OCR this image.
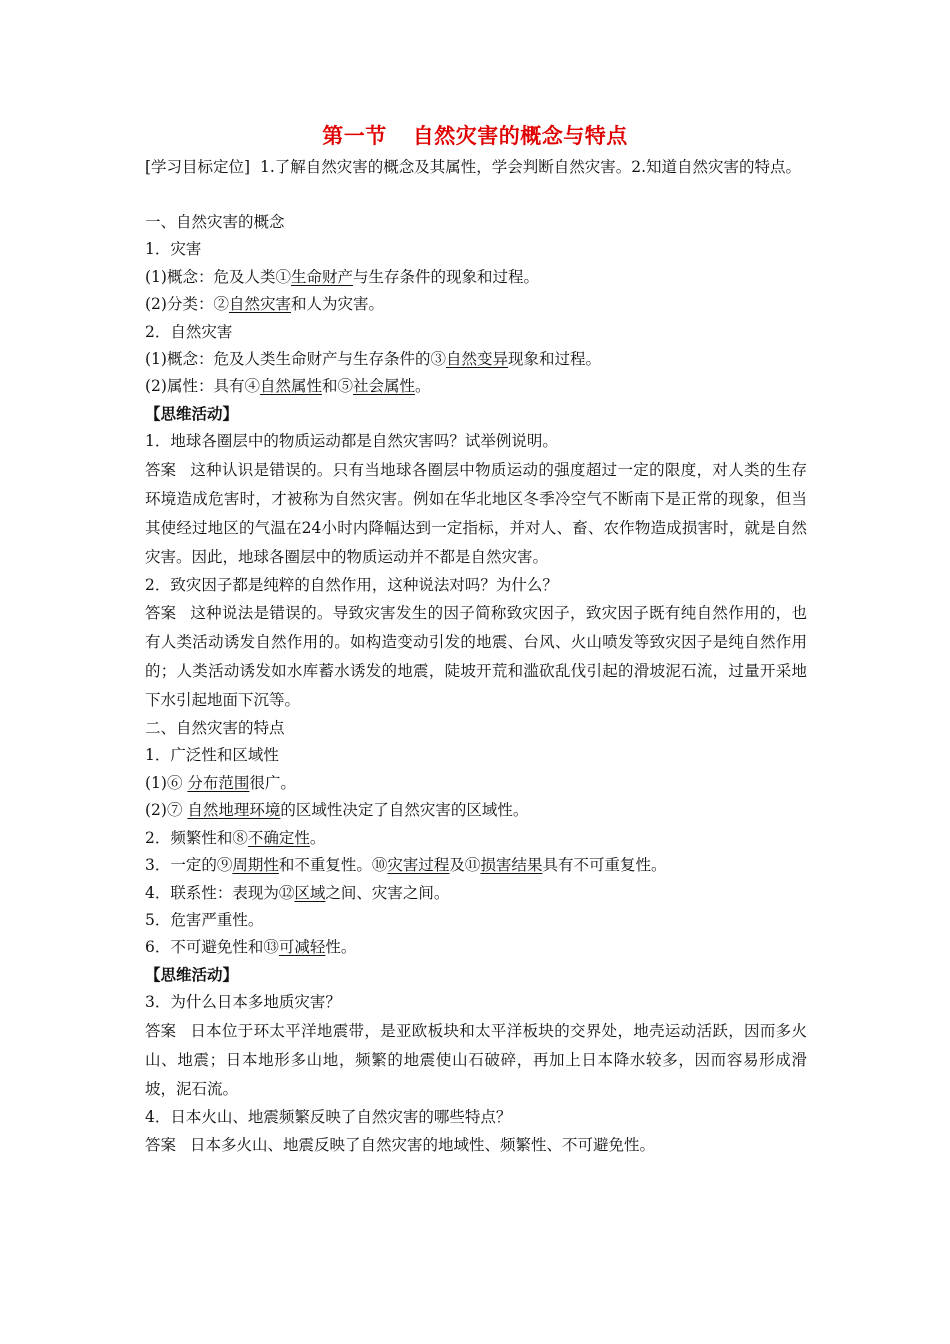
第一节 自然灾害的概念与特点
[学习目标定位] 1.了解自然灾害的概念及其属性，学会判断自然灾害。2.知道自然灾害的特点。
一、自然灾害的概念
1．灾害
(1)概念：危及人类①生命财产与生存条件的现象和过程。
(2)分类：②自然灾害和人为灾害。
2．自然灾害
(1)概念：危及人类生命财产与生存条件的③自然变异现象和过程。
(2)属性：具有④自然属性和⑤社会属性。
【思维活动】
1．地球各圈层中的物质运动都是自然灾害吗？试举例说明。
答案 这种认识是错误的。只有当地球各圈层中物质运动的强度超过一定的限度，对人类的生存环境造成危害时，才被称为自然灾害。例如在华北地区冬季冷空气不断南下是正常的现象，但当其使经过地区的气温在24小时内降幅达到一定指标，并对人、畜、农作物造成损害时，就是自然灾害。因此，地球各圈层中的物质运动并不都是自然灾害。
2．致灾因子都是纯粹的自然作用，这种说法对吗？为什么？
答案 这种说法是错误的。导致灾害发生的因子简称致灾因子，致灾因子既有纯自然作用的，也有人类活动诱发自然作用的。如构造变动引发的地震、台风、火山喷发等致灾因子是纯自然作用的；人类活动诱发如水库蓄水诱发的地震，陡坡开荒和滥砍乱伐引起的滑坡泥石流，过量开采地下水引起地面下沉等。
二、自然灾害的特点
1．广泛性和区域性
(1)⑥ 分布范围很广。
(2)⑦ 自然地理环境的区域性决定了自然灾害的区域性。
2．频繁性和⑧不确定性。
3．一定的⑨周期性和不重复性。⑩灾害过程及⑪损害结果具有不可重复性。
4．联系性：表现为⑫区域之间、灾害之间。
5．危害严重性。
6．不可避免性和⑬可减轻性。
【思维活动】
3．为什么日本多地质灾害？
答案 日本位于环太平洋地震带，是亚欧板块和太平洋板块的交界处，地壳运动活跃，因而多火山、地震；日本地形多山地，频繁的地震使山石破碎，再加上日本降水较多，因而容易形成滑坡，泥石流。
4．日本火山、地震频繁反映了自然灾害的哪些特点？
答案 日本多火山、地震反映了自然灾害的地域性、频繁性、不可避免性。
